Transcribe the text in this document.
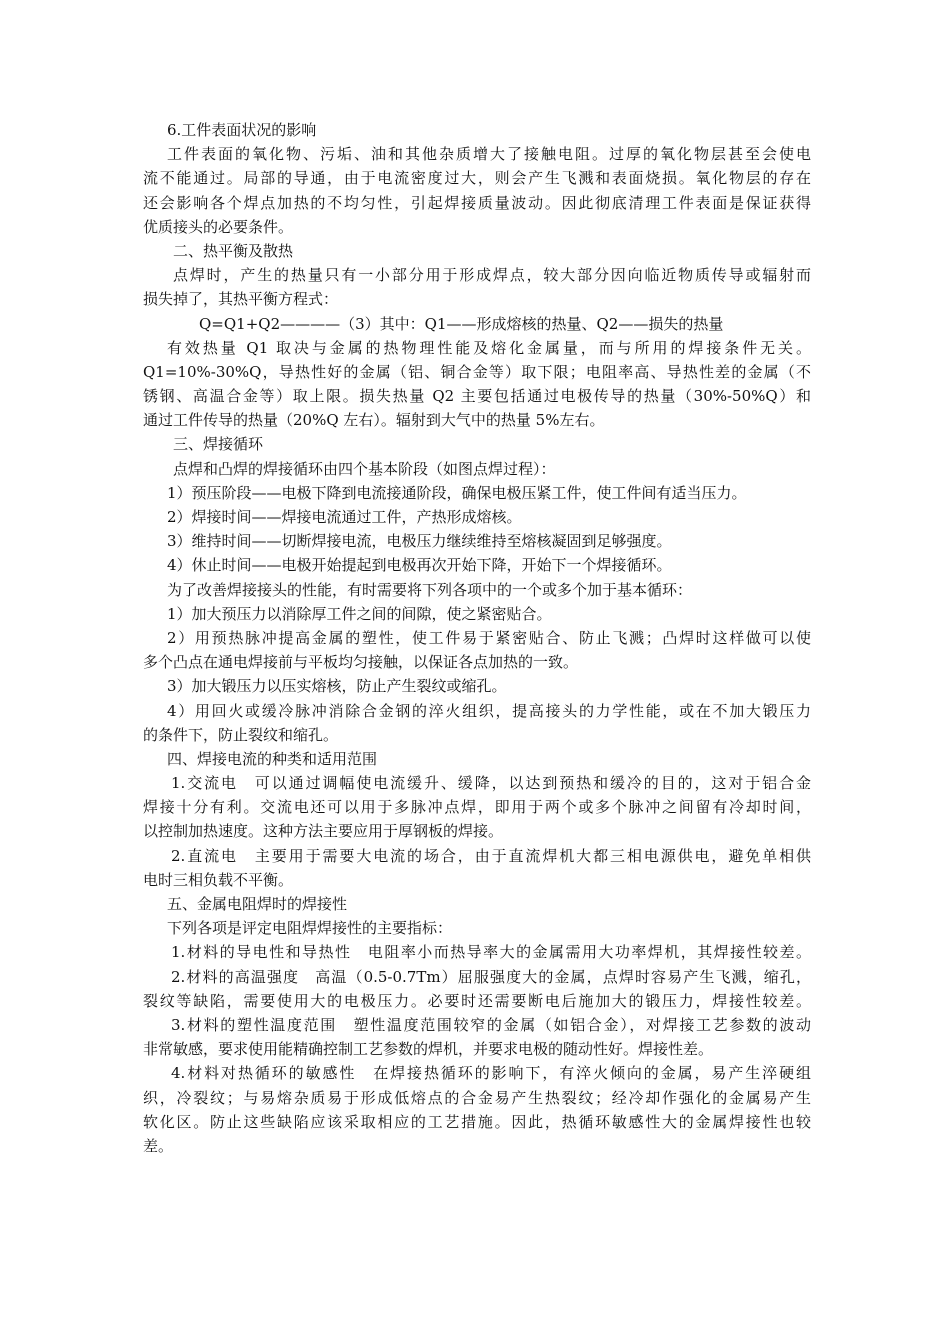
6.工件表面状况的影响
工件表面的氧化物、污垢、油和其他杂质增大了接触电阻。过厚的氧化物层甚至会使电
流不能通过。局部的导通，由于电流密度过大，则会产生飞溅和表面烧损。氧化物层的存在
还会影响各个焊点加热的不均匀性，引起焊接质量波动。因此彻底清理工件表面是保证获得
优质接头的必要条件。
二、热平衡及散热
点焊时，产生的热量只有一小部分用于形成焊点，较大部分因向临近物质传导或辐射而
损失掉了，其热平衡方程式：
Q=Q1+Q2————（3）其中：Q1——形成熔核的热量、Q2——损失的热量
有效热量 Q1 取决与金属的热物理性能及熔化金属量，而与所用的焊接条件无关。
Q1=10%-30%Q，导热性好的金属（铝、铜合金等）取下限；电阻率高、导热性差的金属（不
锈钢、高温合金等）取上限。损失热量 Q2 主要包括通过电极传导的热量（30%-50%Q）和
通过工件传导的热量（20%Q 左右）。辐射到大气中的热量 5%左右。
三、焊接循环
点焊和凸焊的焊接循环由四个基本阶段（如图点焊过程）：
1）预压阶段——电极下降到电流接通阶段，确保电极压紧工件，使工件间有适当压力。
2）焊接时间——焊接电流通过工件，产热形成熔核。
3）维持时间——切断焊接电流，电极压力继续维持至熔核凝固到足够强度。
4）休止时间——电极开始提起到电极再次开始下降，开始下一个焊接循环。
为了改善焊接接头的性能，有时需要将下列各项中的一个或多个加于基本循环：
1）加大预压力以消除厚工件之间的间隙，使之紧密贴合。
2）用预热脉冲提高金属的塑性，使工件易于紧密贴合、防止飞溅；凸焊时这样做可以使
多个凸点在通电焊接前与平板均匀接触，以保证各点加热的一致。
3）加大锻压力以压实熔核，防止产生裂纹或缩孔。
4）用回火或缓冷脉冲消除合金钢的淬火组织，提高接头的力学性能，或在不加大锻压力
的条件下，防止裂纹和缩孔。
四、焊接电流的种类和适用范围
1.交流电　可以通过调幅使电流缓升、缓降，以达到预热和缓冷的目的，这对于铝合金
焊接十分有利。交流电还可以用于多脉冲点焊，即用于两个或多个脉冲之间留有冷却时间，
以控制加热速度。这种方法主要应用于厚钢板的焊接。
2.直流电　主要用于需要大电流的场合，由于直流焊机大都三相电源供电，避免单相供
电时三相负载不平衡。
五、金属电阻焊时的焊接性
下列各项是评定电阻焊焊接性的主要指标：
1.材料的导电性和导热性　电阻率小而热导率大的金属需用大功率焊机，其焊接性较差。
2.材料的高温强度　高温（0.5-0.7Tm）屈服强度大的金属，点焊时容易产生飞溅，缩孔，
裂纹等缺陷，需要使用大的电极压力。必要时还需要断电后施加大的锻压力，焊接性较差。
3.材料的塑性温度范围　塑性温度范围较窄的金属（如铝合金），对焊接工艺参数的波动
非常敏感，要求使用能精确控制工艺参数的焊机，并要求电极的随动性好。焊接性差。
4.材料对热循环的敏感性　在焊接热循环的影响下，有淬火倾向的金属，易产生淬硬组
织，冷裂纹；与易熔杂质易于形成低熔点的合金易产生热裂纹；经冷却作强化的金属易产生
软化区。防止这些缺陷应该采取相应的工艺措施。因此，热循环敏感性大的金属焊接性也较
差。
